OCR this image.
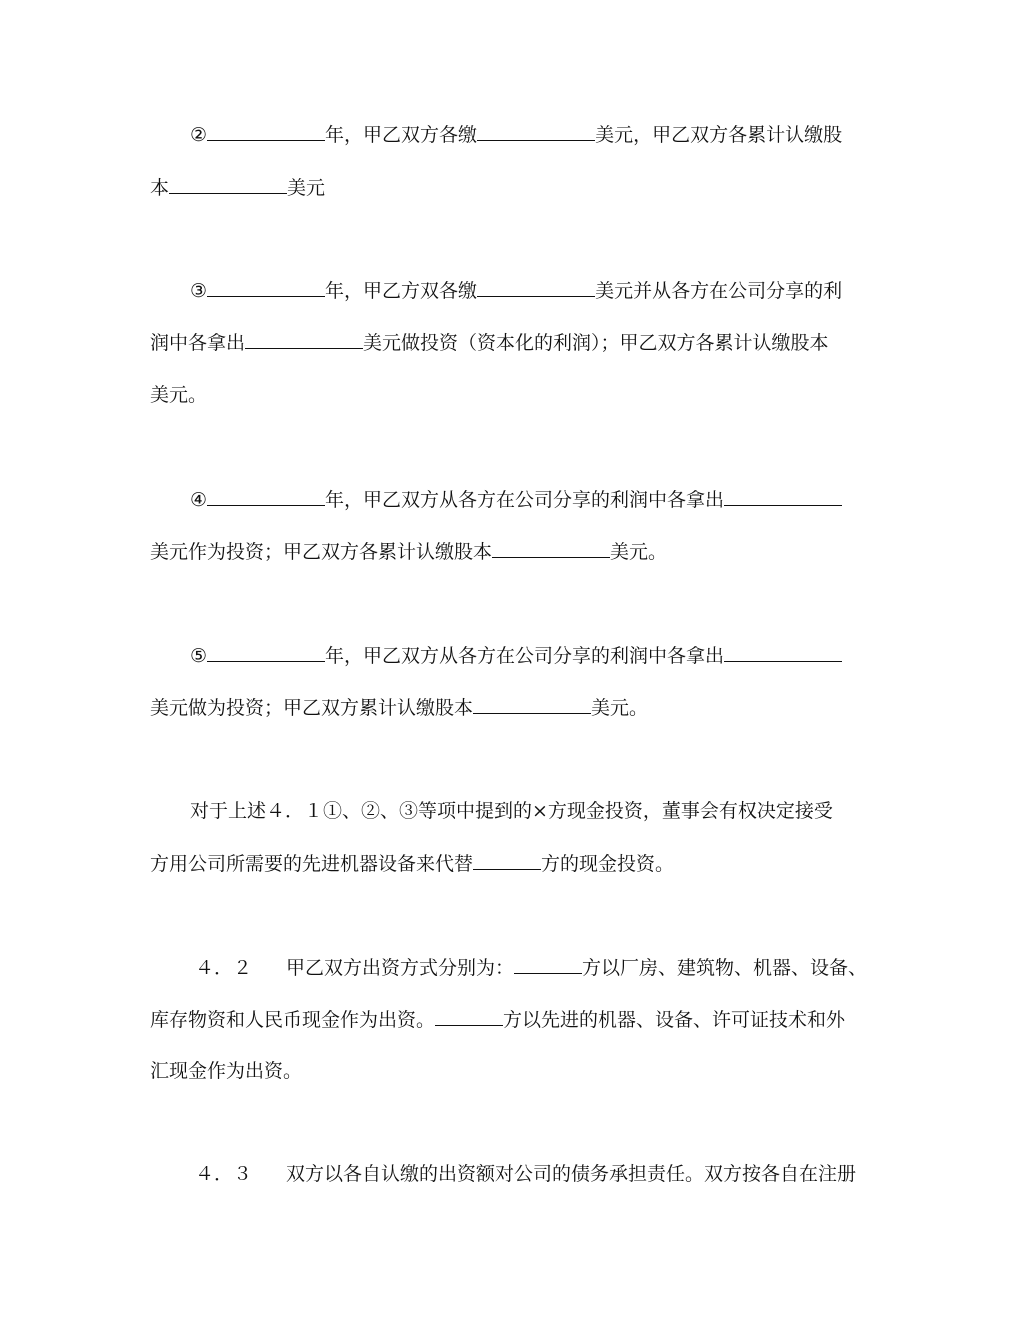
②	年，甲乙双方各缴	美元，甲乙双方各累计认缴股
本	美元
③	年，甲乙方双各缴	美元并从各方在公司分享的利
润中各拿出	美元做投资（资本化的利润）；甲乙双方各累计认缴股本
美元。
④	年，甲乙双方从各方在公司分享的利润中各拿出
美元作为投资；甲乙双方各累计认缴股本	美元。
⑤	年，甲乙双方从各方在公司分享的利润中各拿出
美元做为投资；甲乙双方累计认缴股本	美元。
对于上述４．１①、②、③等项中提到的×方现金投资，董事会有权决定接受
方用公司所需要的先进机器设备来代替	方的现金投资。
４．２ 甲乙双方出资方式分别为：	方以厂房、建筑物、机器、设备、
库存物资和人民币现金作为出资。	方以先进的机器、设备、许可证技术和外
汇现金作为出资。
４．３ 双方以各自认缴的出资额对公司的债务承担责任。双方按各自在注册
